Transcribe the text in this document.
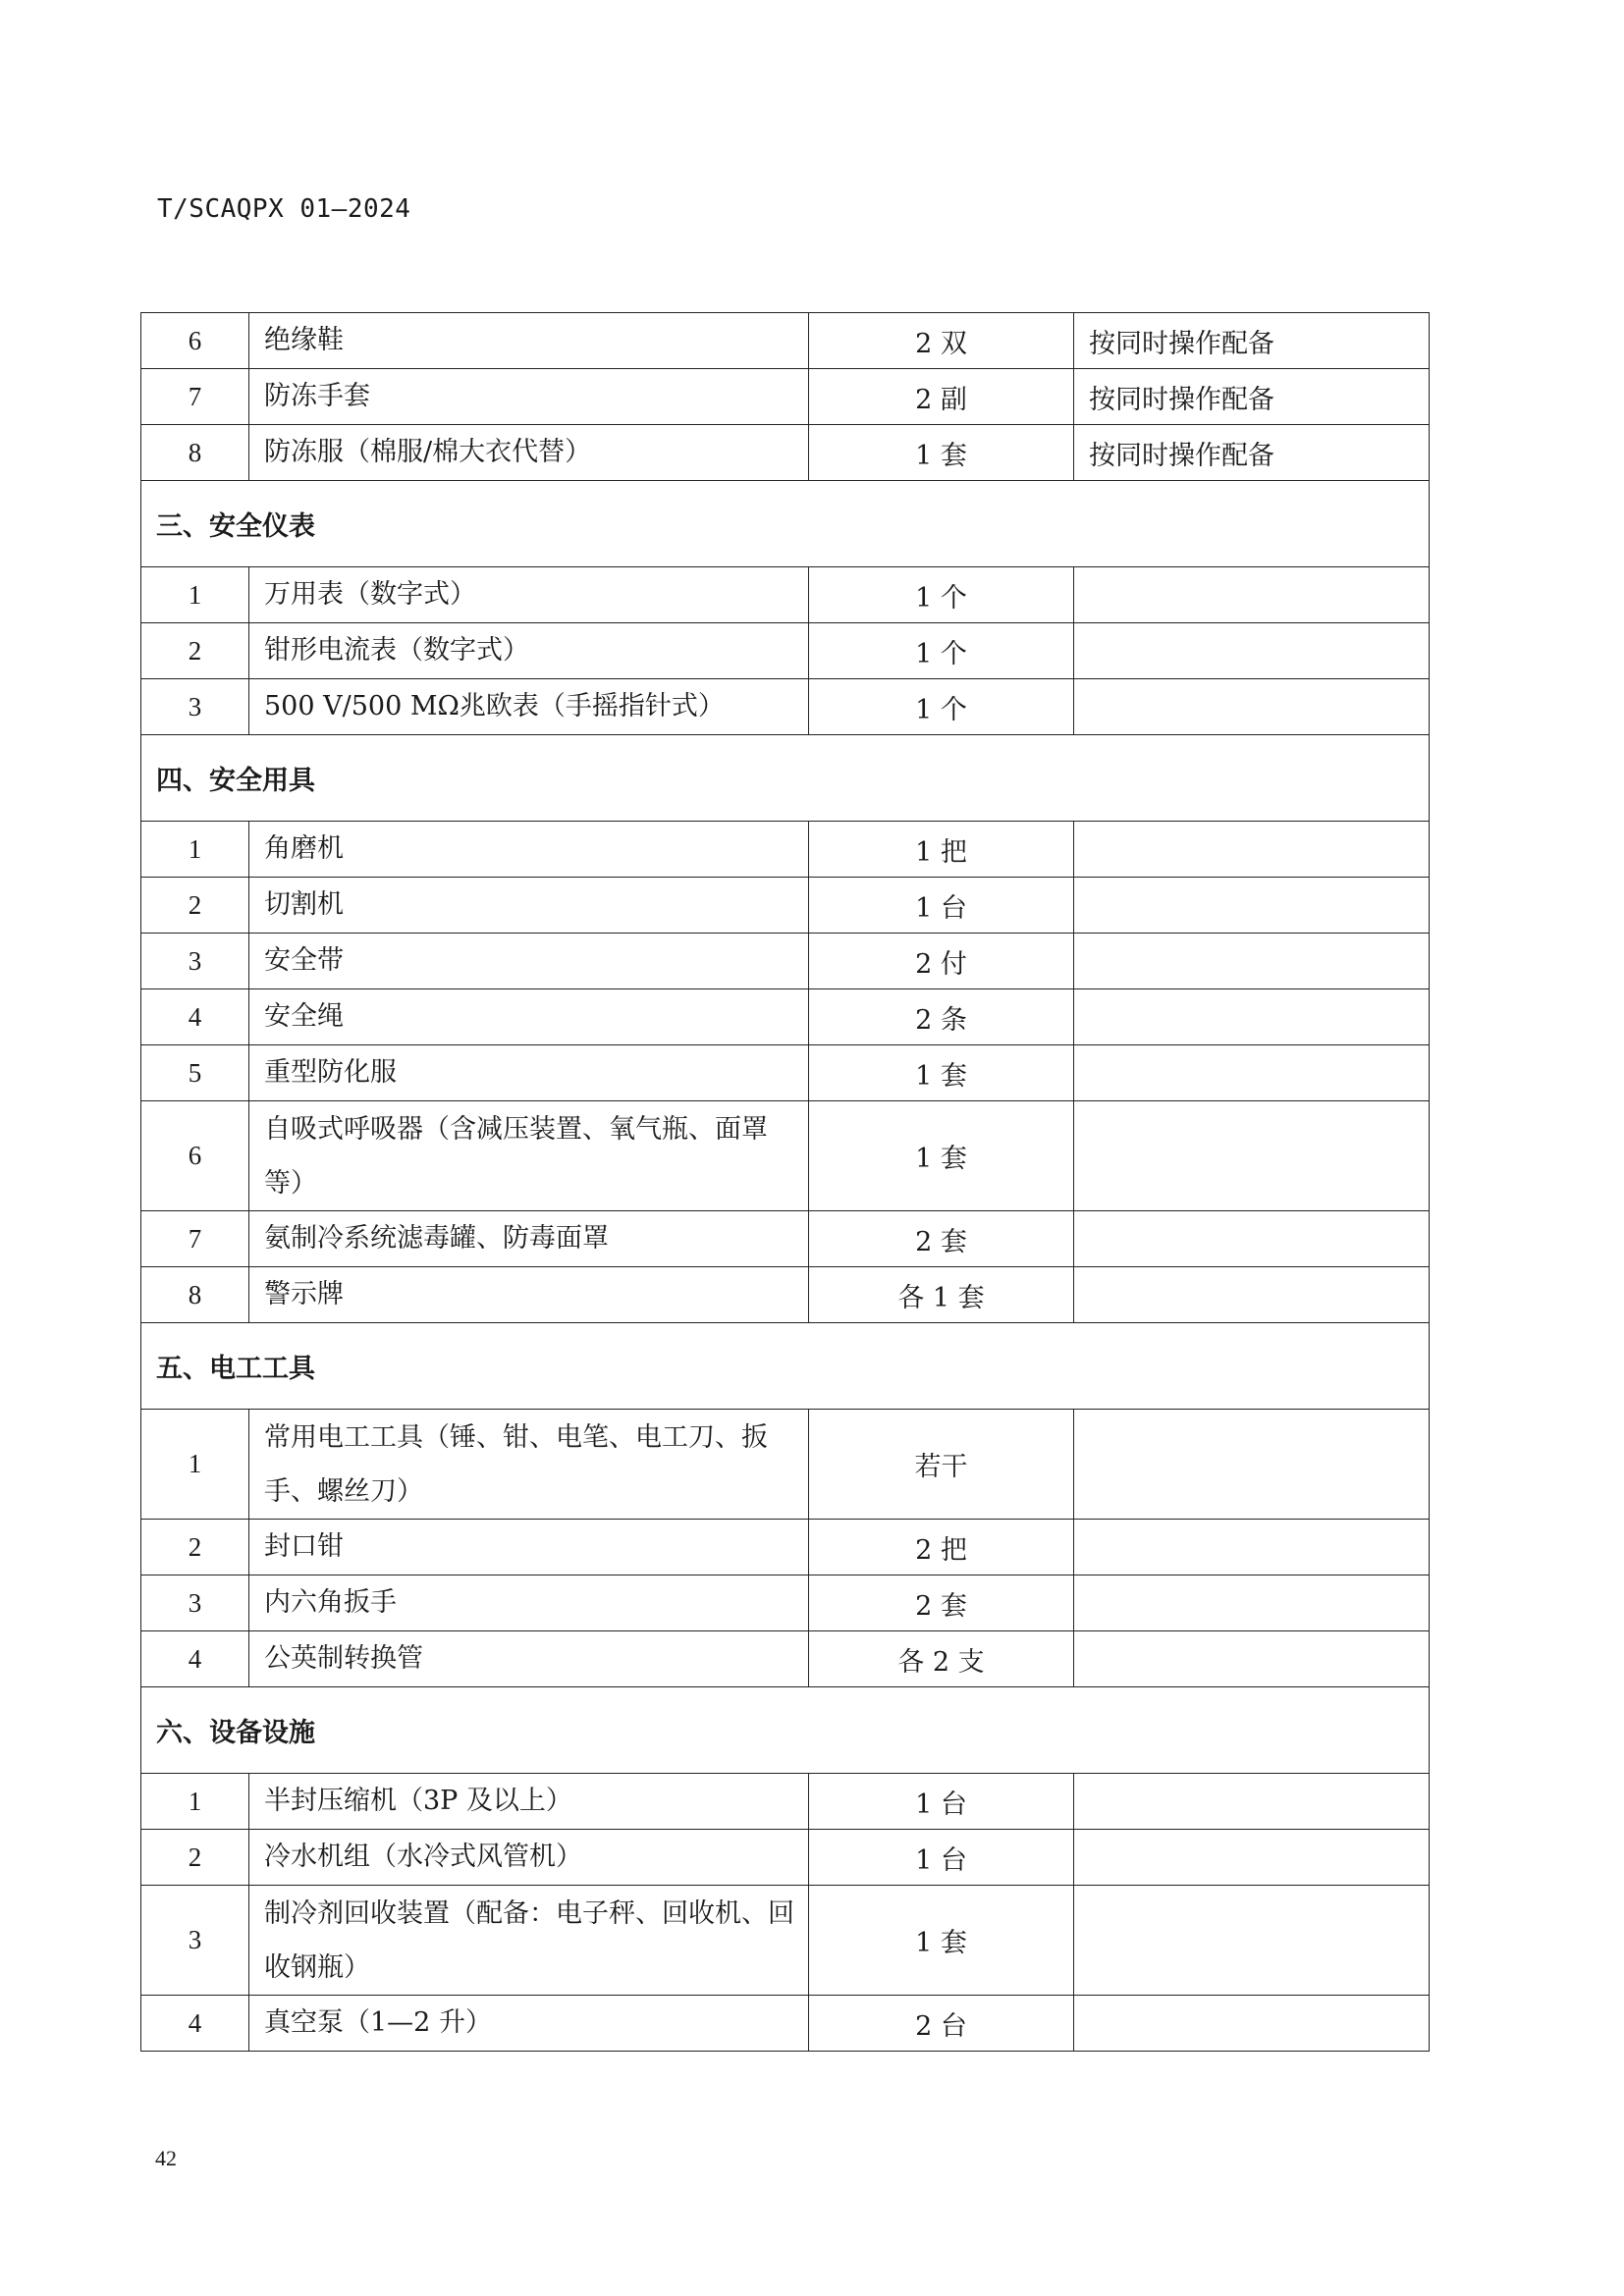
T/SCAQPX 01—2024
6	绝缘鞋	2 双	按同时操作配备
7	防冻手套	2 副	按同时操作配备
8	防冻服（棉服/棉大衣代替）	1 套	按同时操作配备
三、安全仪表			
1	万用表（数字式）	1 个	
2	钳形电流表（数字式）	1 个	
3	500 V/500 MΩ兆欧表（手摇指针式）	1 个	
四、安全用具			
1	角磨机	1 把	
2	切割机	1 台	
3	安全带	2 付	
4	安全绳	2 条	
5	重型防化服	1 套	
6	自吸式呼吸器（含减压装置、氧气瓶、面罩等）	1 套	
7	氨制冷系统滤毒罐、防毒面罩	2 套	
8	警示牌	各 1 套	
五、电工工具			
1	常用电工工具（锤、钳、电笔、电工刀、扳手、螺丝刀）	若干	
2	封口钳	2 把	
3	内六角扳手	2 套	
4	公英制转换管	各 2 支	
六、设备设施			
1	半封压缩机（3P 及以上）	1 台	
2	冷水机组（水冷式风管机）	1 台	
3	制冷剂回收装置（配备：电子秤、回收机、回收钢瓶）	1 套	
4	真空泵（1—2 升）	2 台	
42
